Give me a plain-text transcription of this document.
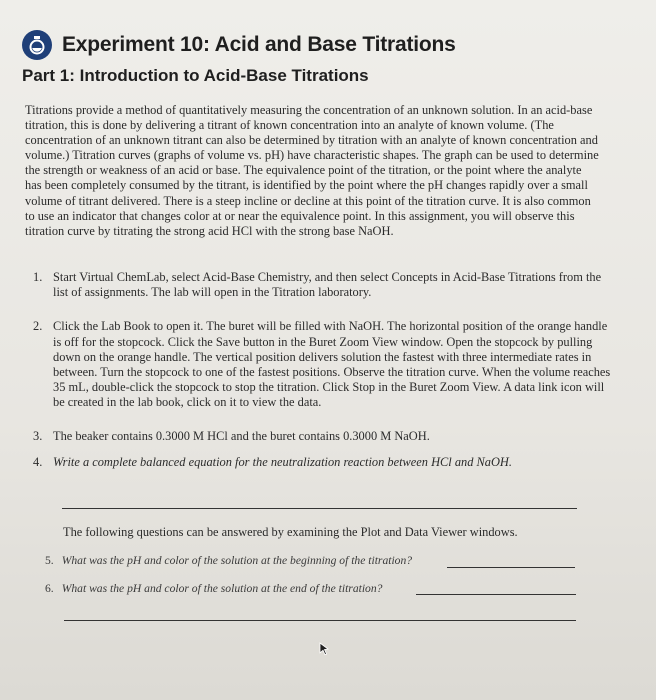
Experiment 10: Acid and Base Titrations
Part 1: Introduction to Acid-Base Titrations
Titrations provide a method of quantitatively measuring the concentration of an unknown solution. In an acid-base titration, this is done by delivering a titrant of known concentration into an analyte of known volume. (The concentration of an unknown titrant can also be determined by titration with an analyte of known concentration and volume.) Titration curves (graphs of volume vs. pH) have characteristic shapes. The graph can be used to determine the strength or weakness of an acid or base. The equivalence point of the titration, or the point where the analyte has been completely consumed by the titrant, is identified by the point where the pH changes rapidly over a small volume of titrant delivered. There is a steep incline or decline at this point of the titration curve. It is also common to use an indicator that changes color at or near the equivalence point. In this assignment, you will observe this titration curve by titrating the strong acid HCl with the strong base NaOH.
1. Start Virtual ChemLab, select Acid-Base Chemistry, and then select Concepts in Acid-Base Titrations from the list of assignments. The lab will open in the Titration laboratory.
2. Click the Lab Book to open it. The buret will be filled with NaOH. The horizontal position of the orange handle is off for the stopcock. Click the Save button in the Buret Zoom View window. Open the stopcock by pulling down on the orange handle. The vertical position delivers solution the fastest with three intermediate rates in between. Turn the stopcock to one of the fastest positions. Observe the titration curve. When the volume reaches 35 mL, double-click the stopcock to stop the titration. Click Stop in the Buret Zoom View. A data link icon will be created in the lab book, click on it to view the data.
3. The beaker contains 0.3000 M HCl and the buret contains 0.3000 M NaOH.
4. Write a complete balanced equation for the neutralization reaction between HCl and NaOH.
The following questions can be answered by examining the Plot and Data Viewer windows.
5. What was the pH and color of the solution at the beginning of the titration?
6. What was the pH and color of the solution at the end of the titration?
